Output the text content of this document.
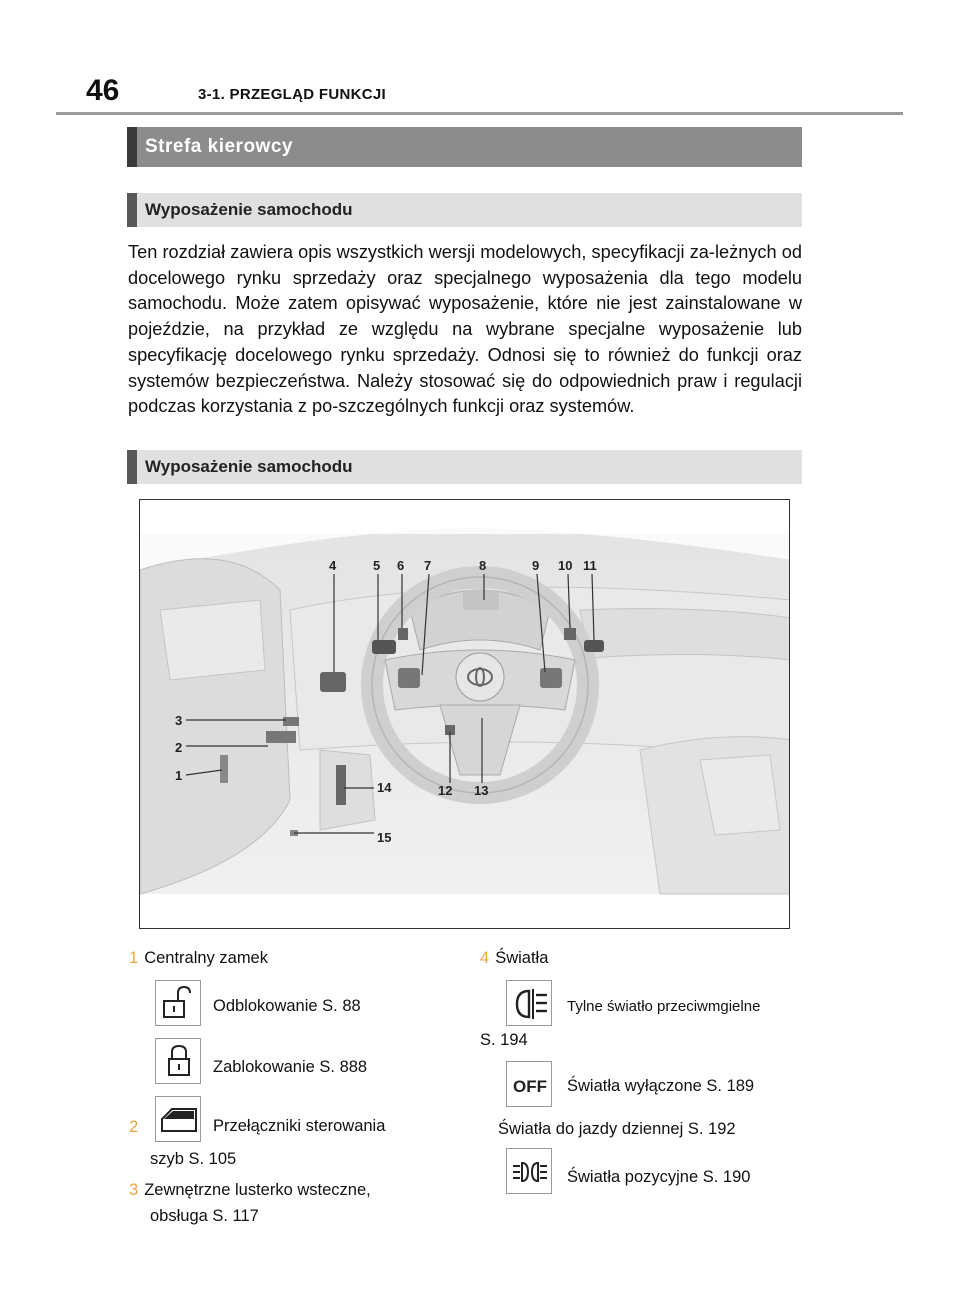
46	3-1. PRZEGLĄD FUNKCJI
Strefa kierowcy
Wyposażenie samochodu

Ten rozdział zawiera opis wszystkich wersji modelowych, specyfikacji za-leżnych od docelowego rynku sprzedaży oraz specjalnego wyposażenia dla tego modelu samochodu. Może zatem opisywać wyposażenie, które nie jest zainstalowane w pojeździe, na przykład ze względu na wybrane specjalne wyposażenie lub specyfikację docelowego rynku sprzedaży. Odnosi się to również do funkcji oraz systemów bezpieczeństwa. Należy stosować się do odpowiednich praw i regulacji podczas korzystania z po-szczególnych funkcji oraz systemów.

Wyposażenie samochodu
4	5 6 7	8	9 10 11
3
2
1
12 13
14
15
1 Centralny zamek
Odblokowanie S. 88
Zablokowanie S. 888
2	Przełączniki sterowania
szyb S. 105
3 Zewnętrzne lusterko wsteczne,
obsługa S. 117
4 Światła
Tylne światło przeciwmgielne
S. 194
OFF Światła wyłączone S. 189
Światła do jazdy dziennej S. 192
Światła pozycyjne S. 190
